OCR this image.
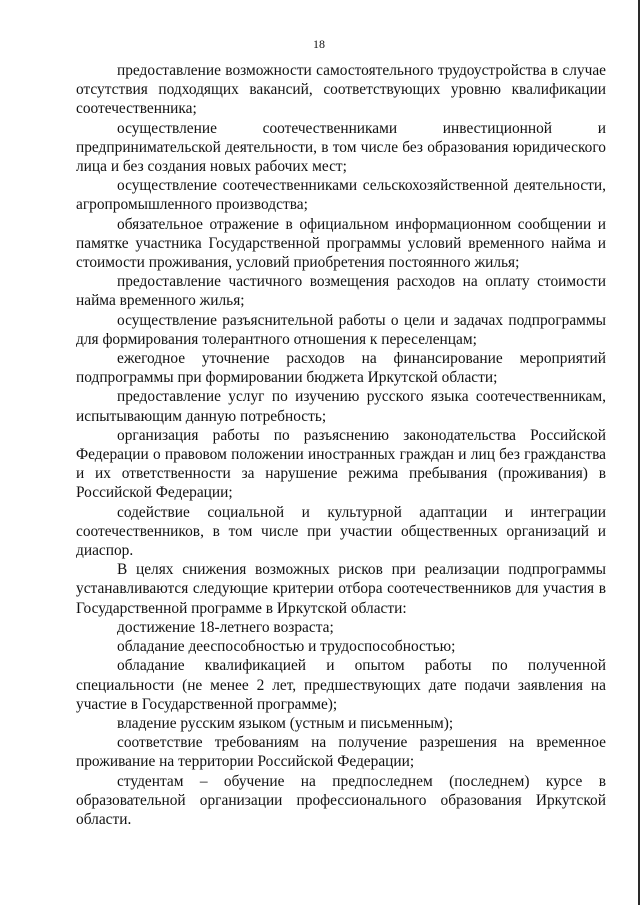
18

предоставление возможности самостоятельного трудоустройства в случае отсутствия подходящих вакансий, соответствующих уровню квалификации соотечественника;

осуществление соотечественниками инвестиционной и предпринимательской деятельности, в том числе без образования юридического лица и без создания новых рабочих мест;

осуществление соотечественниками сельскохозяйственной деятельности, агропромышленного производства;

обязательное отражение в официальном информационном сообщении и памятке участника Государственной программы условий временного найма и стоимости проживания, условий приобретения постоянного жилья;

предоставление частичного возмещения расходов на оплату стоимости найма временного жилья;

осуществление разъяснительной работы о цели и задачах подпрограммы для формирования толерантного отношения к переселенцам;

ежегодное уточнение расходов на финансирование мероприятий подпрограммы при формировании бюджета Иркутской области;

предоставление услуг по изучению русского языка соотечественникам, испытывающим данную потребность;

организация работы по разъяснению законодательства Российской Федерации о правовом положении иностранных граждан и лиц без гражданства и их ответственности за нарушение режима пребывания (проживания) в Российской Федерации;

содействие социальной и культурной адаптации и интеграции соотечественников, в том числе при участии общественных организаций и диаспор.

В целях снижения возможных рисков при реализации подпрограммы устанавливаются следующие критерии отбора соотечественников для участия в Государственной программе в Иркутской области:

достижение 18-летнего возраста;

обладание дееспособностью и трудоспособностью;

обладание квалификацией и опытом работы по полученной специальности (не менее 2 лет, предшествующих дате подачи заявления на участие в Государственной программе);

владение русским языком (устным и письменным);

соответствие требованиям на получение разрешения на временное проживание на территории Российской Федерации;

студентам – обучение на предпоследнем (последнем) курсе в образовательной организации профессионального образования Иркутской области.
